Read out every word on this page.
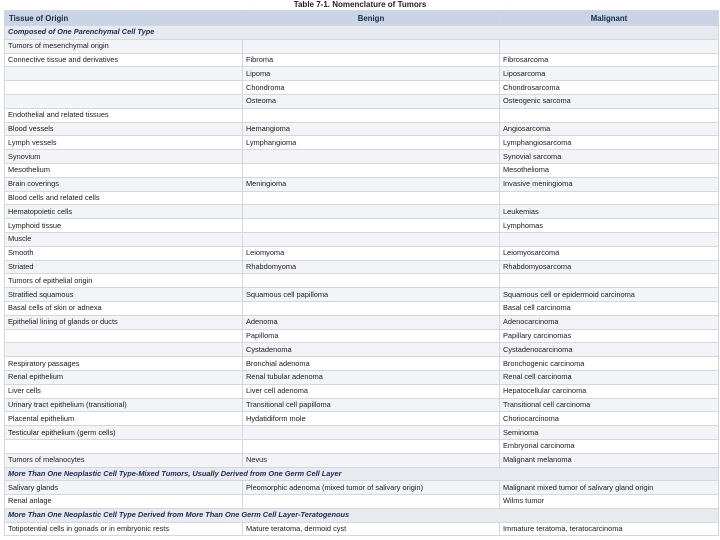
Table 7-1. Nomenclature of Tumors
Tissue of Origin	Benign	Malignant
Composed of One Parenchymal Cell Type		
Tumors of mesenchymal origin		
Connective tissue and derivatives	Fibroma	Fibrosarcoma
	Lipoma	Liposarcoma
	Chondroma	Chondrosarcoma
	Osteoma	Osteogenic sarcoma
Endothelial and related tissues		
Blood vessels	Hemangioma	Angiosarcoma
Lymph vessels	Lymphangioma	Lymphangiosarcoma
Synovium		Synovial sarcoma
Mesothelium		Mesothelioma
Brain coverings	Meningioma	Invasive meningioma
Blood cells and related cells		
Hematopoietic cells		Leukemias
Lymphoid tissue		Lymphomas
Muscle		
Smooth	Leiomyoma	Leiomyosarcoma
Striated	Rhabdomyoma	Rhabdomyosarcoma
Tumors of epithelial origin		
Stratified squamous	Squamous cell papilloma	Squamous cell or epidermoid carcinoma
Basal cells of skin or adnexa		Basal cell carcinoma
Epithelial lining of glands or ducts	Adenoma	Adenocarcinoma
	Papilloma	Papillary carcinomas
	Cystadenoma	Cystadenocarcinoma
Respiratory passages	Bronchial adenoma	Bronchogenic carcinoma
Renal epithelium	Renal tubular adenoma	Renal cell carcinoma
Liver cells	Liver cell adenoma	Hepatocellular carcinoma
Urinary tract epithelium (transitional)	Transitional cell papilloma	Transitional cell carcinoma
Placental epithelium	Hydatidiform mole	Choriocarcinoma
Testicular epithelium (germ cells)		Seminoma
		Embryonal carcinoma
Tumors of melanocytes	Nevus	Malignant melanoma
More Than One Neoplastic Cell Type-Mixed Tumors, Usually Derived from One Germ Cell Layer		
Salivary glands	Pleomorphic adenoma (mixed tumor of salivary origin)	Malignant mixed tumor of salivary gland origin
Renal anlage		Wilms tumor
More Than One Neoplastic Cell Type Derived from More Than One Germ Cell Layer-Teratogenous		
Totipotential cells in gonads or in embryonic rests	Mature teratoma, dermoid cyst	Immature teratoma, teratocarcinoma
